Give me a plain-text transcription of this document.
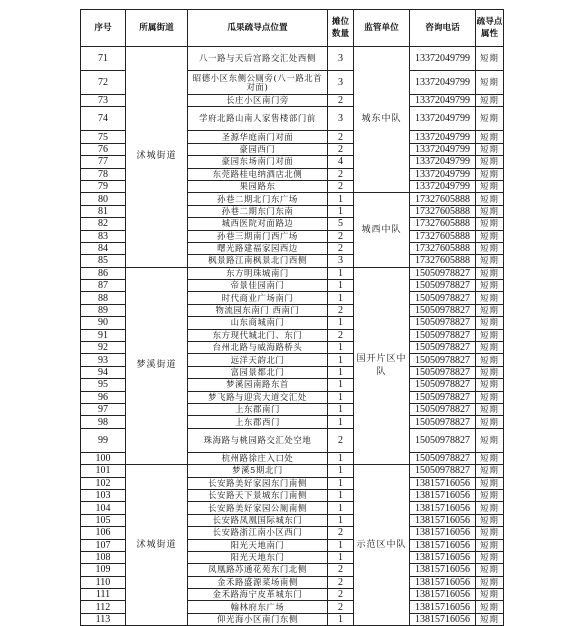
序号	所属街道	瓜果疏导点位置	摊位数量	监管单位	咨询电话	疏导点属性
71	沭城街道	八一路与天后宫路交汇处西侧	3	城东中队	13372049799	短期
72		昭德小区东侧公厕旁(八一路北首对面)	3		13372049799	短期
73		长庄小区南门旁	2		13372049799	短期
74		学府北路山南人家售楼部门前	3		13372049799	短期
75		圣源华庭南门对面	2		13372049799	短期
76		豪园西门	2		13372049799	短期
77		豪园东场南门对面	4		13372049799	短期
78		东莞路桂电纳酒店北侧	2		13372049799	短期
79		果园路东	2		13372049799	短期
80		孙巷二期北门东广场	1	城西中队	17327605888	短期
81		孙巷二期东门东南	1		17327605888	短期
82		城西医院对面路边	5		17327605888	短期
83		孙巷三期南门西广场	2		17327605888	短期
84		曙光路建福家园西边	2		17327605888	短期
85		枫景路江南枫景北门西侧	3		17327605888	短期
86	梦溪街道	东方明珠城南门	1	国开片区中队	15050978827	短期
87		帝景佳园南门	1		15050978827	短期
88		时代商业广场南门	1		15050978827	短期
89		物流园东南门 西南门	2		15050978827	短期
90		山东商城南门	1		15050978827	短期
91		东方现代城北门、东门	2		15050978827	短期
92		台州北路与威海路桥头	1		15050978827	短期
93		远洋天韵北门	1		15050978827	短期
94		富园景都北门	1		15050978827	短期
95		梦溪园南路东首	1		15050978827	短期
96		梦飞路与迎宾大道交汇处	1		15050978827	短期
97		上东郡南门	1		15050978827	短期
98		上东郡西门	1		15050978827	短期
99		珠海路与桃园路交汇处空地	2		15050978827	短期
100		杭州路徐庄入口处	1		15050978827	短期
101	沭城街道	梦溪5期北门	1	示范区中队	15050978827	短期
102		长安路美好家园东门南侧	1		13815716056	短期
103		长安路天下景城东门南侧	1		13815716056	短期
104		长安路美好家园公厕南侧	1		13815716056	短期
105		长安路凤凰国际城东门	1		13815716056	短期
106		长安路浙江南小区西门	2		13815716056	短期
107		阳光天地南门	1		13815716056	短期
108		阳光天地东门	1		13815716056	短期
109		凤凰路苏通花苑东门北侧	2		13815716056	短期
110		金禾路盛源菜场南侧	2		13815716056	短期
111		金禾路海宁皮革城东门	2		13815716056	短期
112		翰林府东广场	2		13815716056	短期
113		仰光海小区南门东侧	1		13815716056	短期
